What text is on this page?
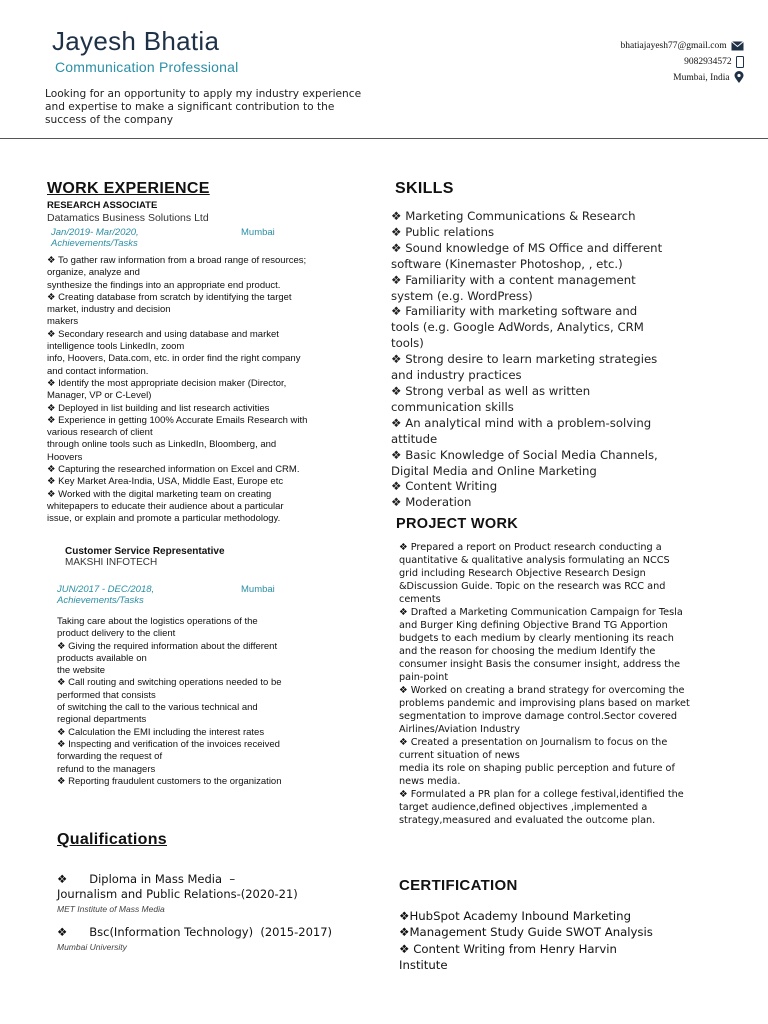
Jayesh Bhatia
Communication Professional
Looking for an opportunity to apply my industry experience and expertise to make a significant contribution to the success of the company
bhatiajayesh77@gmail.com
9082934572
Mumbai, India
WORK EXPERIENCE
RESEARCH ASSOCIATE
Datamatics Business Solutions Ltd
Jan/2019- Mar/2020,	Mumbai
Achievements/Tasks
❖ To gather raw information from a broad range of resources;
organize, analyze and
synthesize the findings into an appropriate end product.
❖ Creating database from scratch by identifying the target
market, industry and decision
makers
❖ Secondary research and using database and market
intelligence tools LinkedIn, zoom
info, Hoovers, Data.com, etc. in order find the right company
and contact information.
❖ Identify the most appropriate decision maker (Director,
Manager, VP or C-Level)
❖ Deployed in list building and list research activities
❖ Experience in getting 100% Accurate Emails Research with
various research of client
through online tools such as LinkedIn, Bloomberg, and
Hoovers
❖ Capturing the researched information on Excel and CRM.
❖ Key Market Area-India, USA, Middle East, Europe etc
❖ Worked with the digital marketing team on creating
whitepapers to educate their audience about a particular
issue, or explain and promote a particular methodology.
Customer Service Representative
MAKSHI INFOTECH
JUN/2017 - DEC/2018,	Mumbai
Achievements/Tasks
Taking care about the logistics operations of the
product delivery to the client
❖ Giving the required information about the different
products available on
the website
❖ Call routing and switching operations needed to be
performed that consists
of switching the call to the various technical and
regional departments
❖ Calculation the EMI including the interest rates
❖ Inspecting and verification of the invoices received
forwarding the request of
refund to the managers
❖ Reporting fraudulent customers to the organization
Qualifications
❖      Diploma in Mass Media  –
Journalism and Public Relations-(2020-21)
MET Institute of Mass Media
❖      Bsc(Information Technology)  (2015-2017)
Mumbai University
SKILLS
❖ Marketing Communications & Research
❖ Public relations
❖ Sound knowledge of MS Office and different
software (Kinemaster Photoshop, , etc.)
❖ Familiarity with a content management
system (e.g. WordPress)
❖ Familiarity with marketing software and
tools (e.g. Google AdWords, Analytics, CRM
tools)
❖ Strong desire to learn marketing strategies
and industry practices
❖ Strong verbal as well as written
communication skills
❖ An analytical mind with a problem-solving
attitude
❖ Basic Knowledge of Social Media Channels,
Digital Media and Online Marketing
❖ Content Writing
❖ Moderation
PROJECT WORK
❖ Prepared a report on Product research conducting a
quantitative & qualitative analysis formulating an NCCS
grid including Research Objective Research Design
&Discussion Guide. Topic on the research was RCC and
cements
❖ Drafted a Marketing Communication Campaign for Tesla
and Burger King defining Objective Brand TG Apportion
budgets to each medium by clearly mentioning its reach
and the reason for choosing the medium Identify the
consumer insight Basis the consumer insight, address the
pain-point
❖ Worked on creating a brand strategy for overcoming the
problems pandemic and improvising plans based on market
segmentation to improve damage control.Sector covered
Airlines/Aviation Industry
❖ Created a presentation on Journalism to focus on the
current situation of news
media its role on shaping public perception and future of
news media.
❖ Formulated a PR plan for a college festival,identified the
target audience,defined objectives ,implemented a
strategy,measured and evaluated the outcome plan.
CERTIFICATION
❖HubSpot Academy Inbound Marketing
❖Management Study Guide SWOT Analysis
❖ Content Writing from Henry Harvin
Institute
